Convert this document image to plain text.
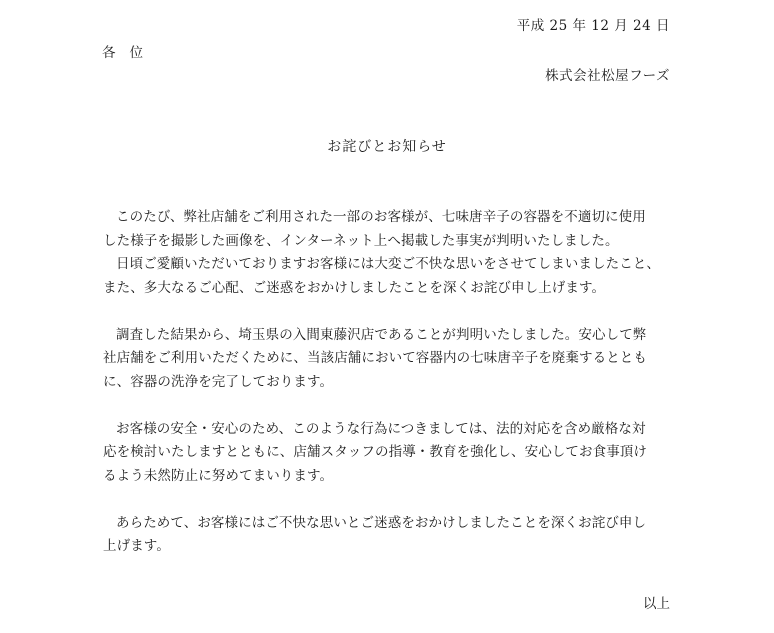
平成 25 年 12 月 24 日
各位
株式会社松屋フーズ
お詫びとお知らせ
このたび、弊社店舗をご利用された一部のお客様が、七味唐辛子の容器を不適切に使用
した様子を撮影した画像を、インターネット上へ掲載した事実が判明いたしました。
日頃ご愛顧いただいておりますお客様には大変ご不快な思いをさせてしまいましたこと、
また、多大なるご心配、ご迷惑をおかけしましたことを深くお詫び申し上げます。
調査した結果から、埼玉県の入間東藤沢店であることが判明いたしました。安心して弊
社店舗をご利用いただくために、当該店舗において容器内の七味唐辛子を廃棄するととも
に、容器の洗浄を完了しております。
お客様の安全・安心のため、このような行為につきましては、法的対応を含め厳格な対
応を検討いたしますとともに、店舗スタッフの指導・教育を強化し、安心してお食事頂け
るよう未然防止に努めてまいります。
あらためて、お客様にはご不快な思いとご迷惑をおかけしましたことを深くお詫び申し
上げます。
以上
